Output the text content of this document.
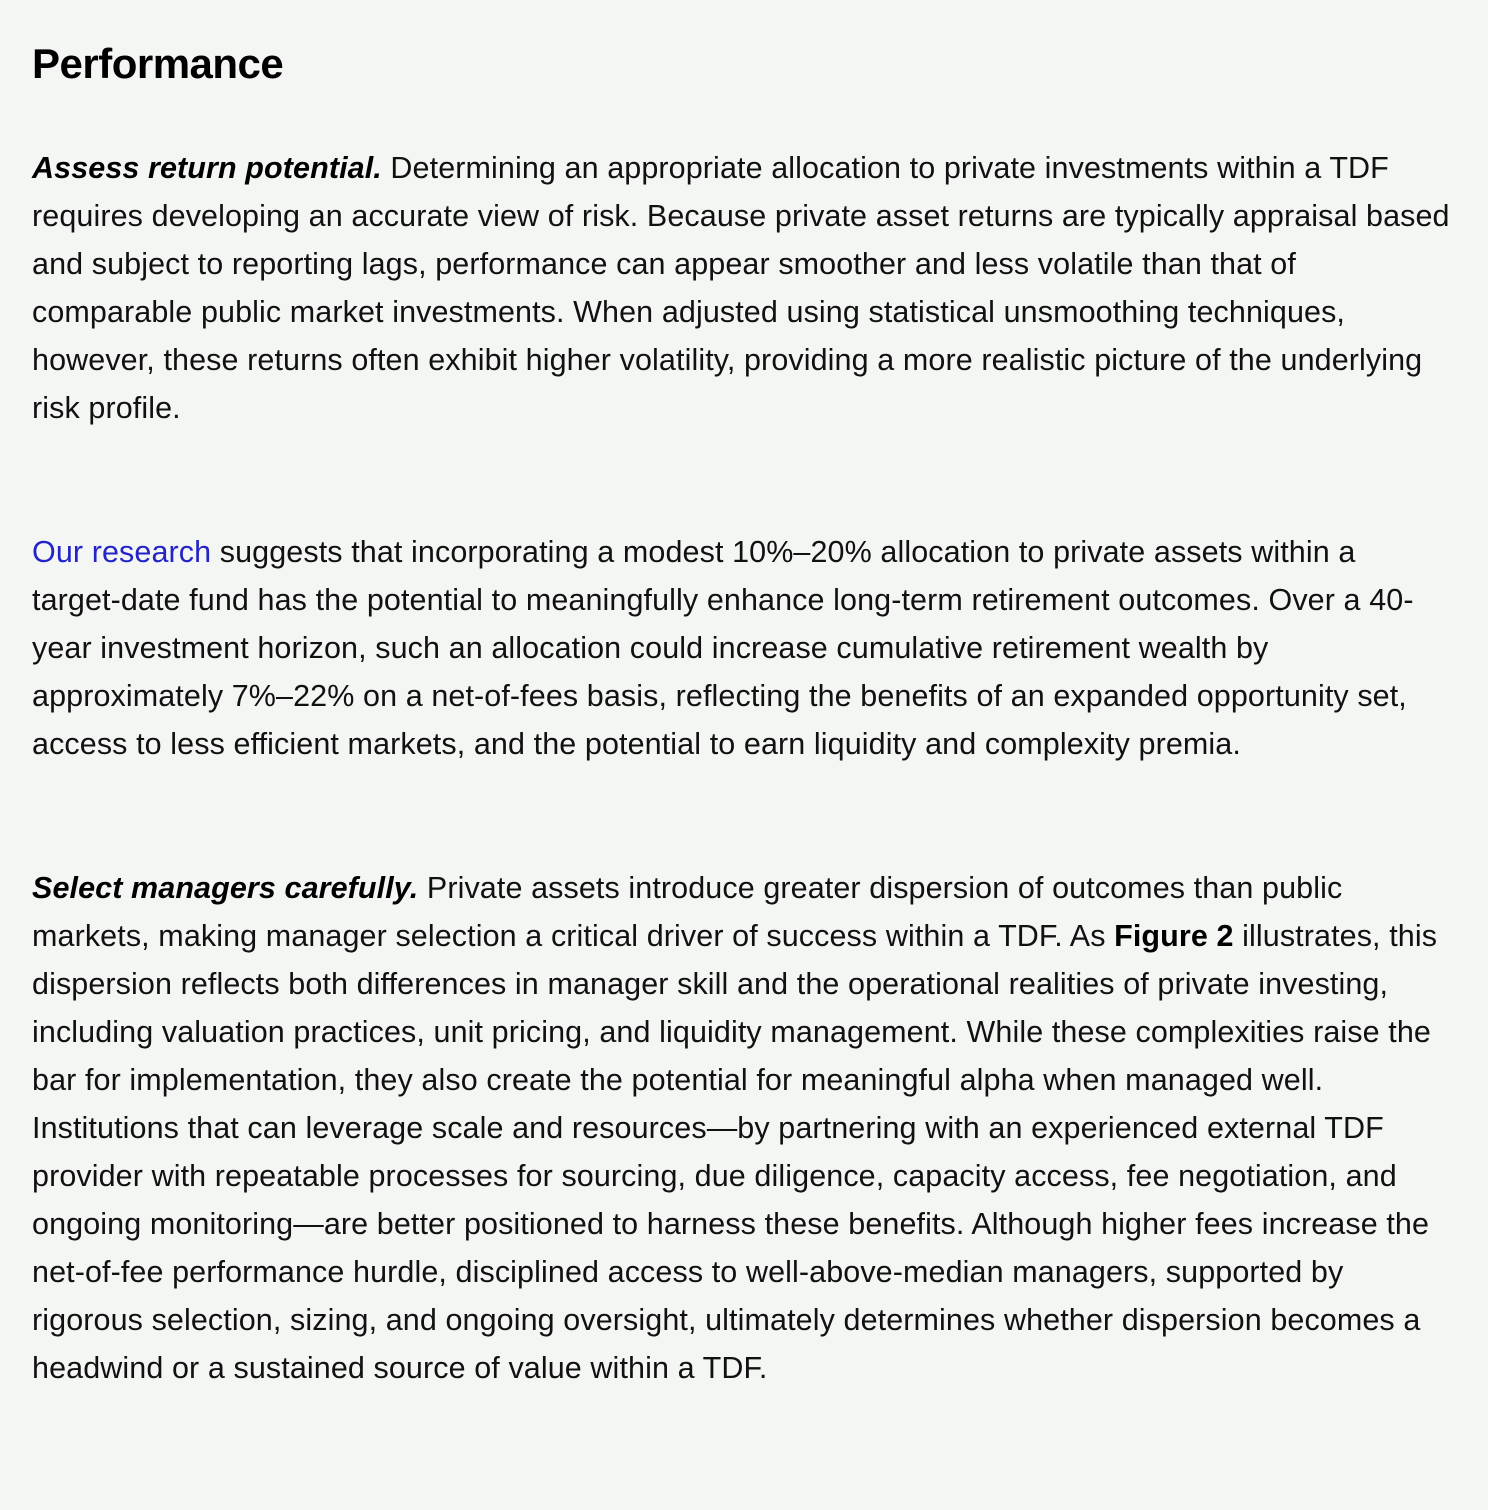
Performance

Assess return potential. Determining an appropriate allocation to private investments within a TDF requires developing an accurate view of risk. Because private asset returns are typically appraisal based and subject to reporting lags, performance can appear smoother and less volatile than that of comparable public market investments. When adjusted using statistical unsmoothing techniques, however, these returns often exhibit higher volatility, providing a more realistic picture of the underlying risk profile.

Our research suggests that incorporating a modest 10%–20% allocation to private assets within a target-date fund has the potential to meaningfully enhance long-term retirement outcomes. Over a 40-year investment horizon, such an allocation could increase cumulative retirement wealth by approximately 7%–22% on a net-of-fees basis, reflecting the benefits of an expanded opportunity set, access to less efficient markets, and the potential to earn liquidity and complexity premia.

Select managers carefully. Private assets introduce greater dispersion of outcomes than public markets, making manager selection a critical driver of success within a TDF. As Figure 2 illustrates, this dispersion reflects both differences in manager skill and the operational realities of private investing, including valuation practices, unit pricing, and liquidity management. While these complexities raise the bar for implementation, they also create the potential for meaningful alpha when managed well. Institutions that can leverage scale and resources—by partnering with an experienced external TDF provider with repeatable processes for sourcing, due diligence, capacity access, fee negotiation, and ongoing monitoring—are better positioned to harness these benefits. Although higher fees increase the net-of-fee performance hurdle, disciplined access to well-above-median managers, supported by rigorous selection, sizing, and ongoing oversight, ultimately determines whether dispersion becomes a headwind or a sustained source of value within a TDF.
